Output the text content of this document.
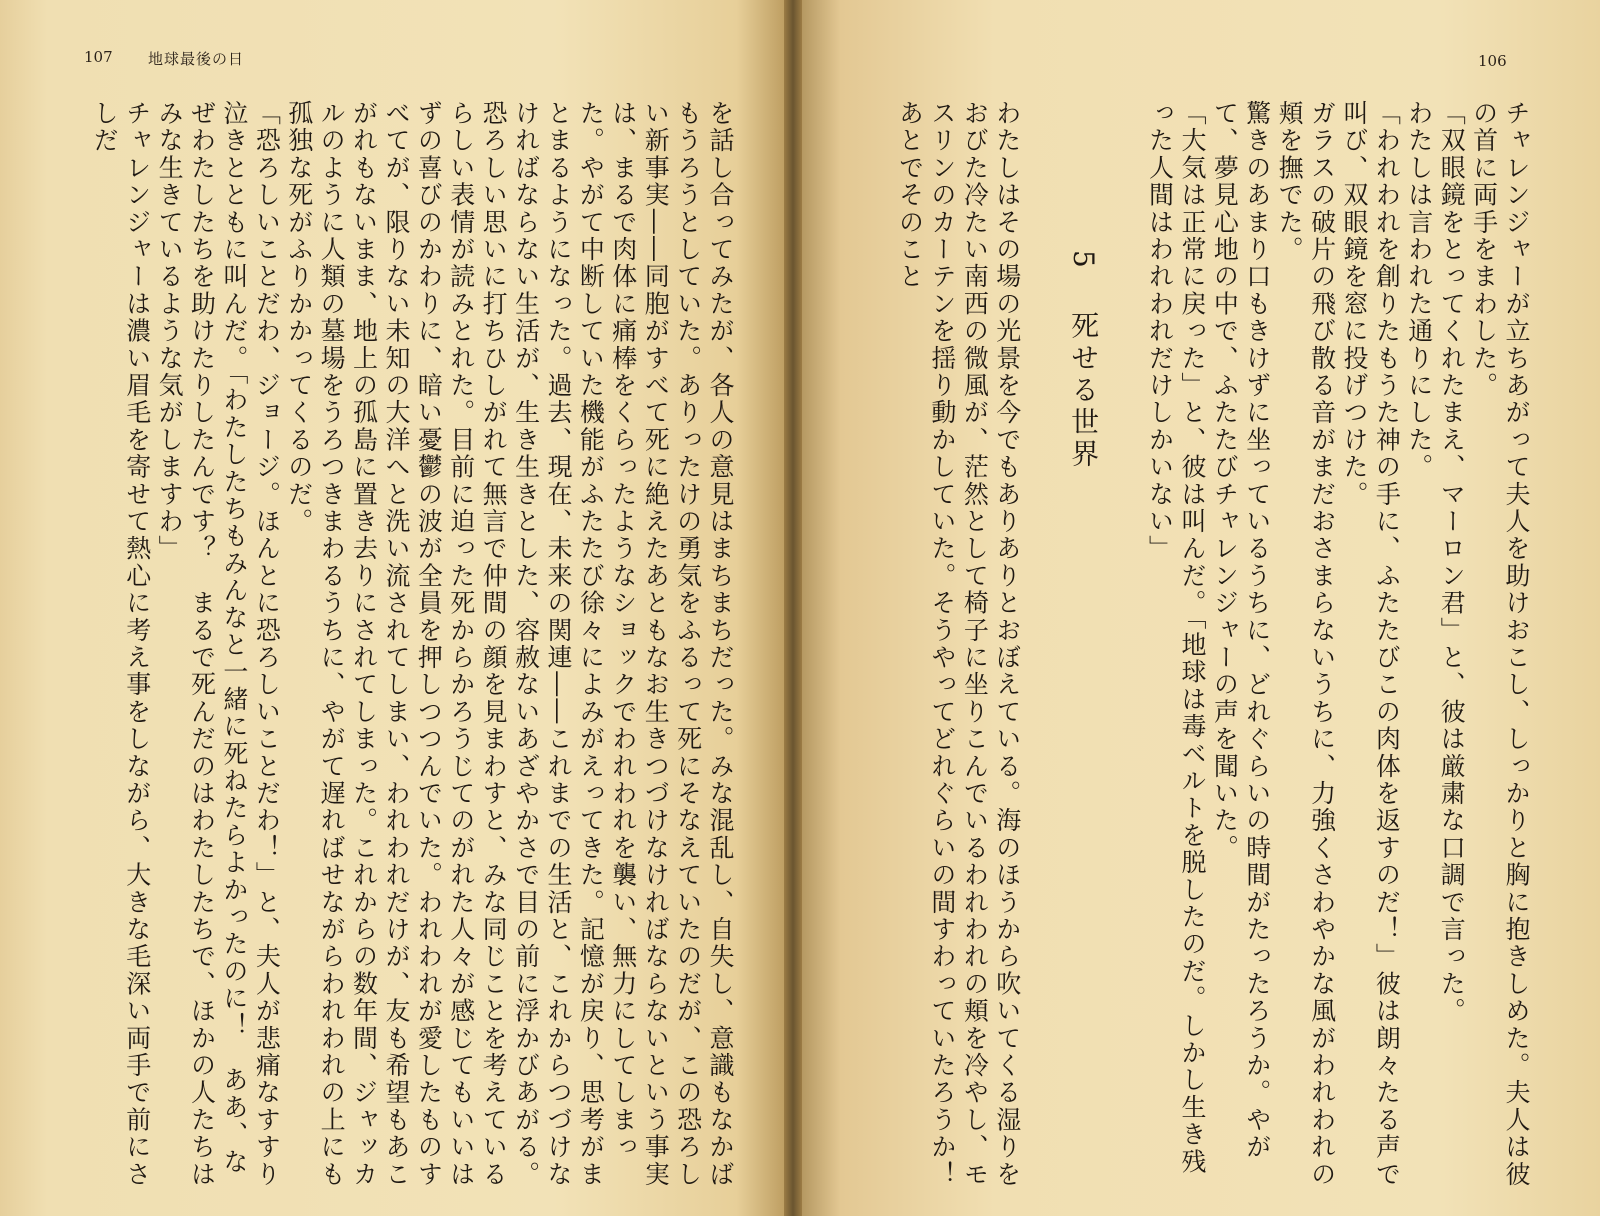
106

チャレンジャーが立ちあがって夫人を助けおこし、しっかりと胸に抱きしめた。夫人は彼の首に両手をまわした。

「双眼鏡をとってくれたまえ、マーロン君」と、彼は厳粛な口調で言った。

わたしは言われた通りにした。

「われわれを創りたもうた神の手に、ふたたびこの肉体を返すのだ！」彼は朗々たる声で叫び、双眼鏡を窓に投げつけた。

ガラスの破片の飛び散る音がまだおさまらないうちに、力強くさわやかな風がわれわれの頬を撫でた。

驚きのあまり口もきけずに坐っているうちに、どれぐらいの時間がたったろうか。やがて、夢見心地の中で、ふたたびチャレンジャーの声を聞いた。

「大気は正常に戻った」と、彼は叫んだ。「地球は毒ベルトを脱したのだ。しかし生き残った人間はわれわれだけしかいない」

5 死せる世界

わたしはその場の光景を今でもありありとおぼえている。海のほうから吹いてくる湿りをおびた冷たい南西の微風が、茫然として椅子に坐りこんでいるわれわれの頬を冷やし、モスリンのカーテンを揺り動かしていた。そうやってどれぐらいの間すわっていたろうか！　あとでそのこと

107 地球最後の日

を話し合ってみたが、各人の意見はまちまちだった。みな混乱し、自失し、意識もなかばもうろうとしていた。ありったけの勇気をふるって死にそなえていたのだが、この恐ろしい新事実――同胞がすべて死に絶えたあともなお生きつづけなければならないという事実は、まるで肉体に痛棒をくらったようなショックでわれわれを襲い、無力にしてしまった。やがて中断していた機能がふたたび徐々によみがえってきた。記憶が戻り、思考がまとまるようになった。過去、現在、未来の関連――これまでの生活と、これからつづけなければならない生活が、生き生きとした、容赦ないあざやかさで目の前に浮かびあがる。恐ろしい思いに打ちひしがれて無言で仲間の顔を見まわすと、みな同じことを考えているらしい表情が読みとれた。目前に迫った死からかろうじてのがれた人々が感じてもいいはずの喜びのかわりに、暗い憂鬱の波が全員を押しつつんでいた。われわれが愛したものすべてが、限りない未知の大洋へと洗い流されてしまい、われわれだけが、友も希望もあこがれもないまま、地上の孤島に置き去りにされてしまった。これからの数年間、ジャッカルのように人類の墓場をうろつきまわるうちに、やがて遅ればせながらわれわれの上にも孤独な死がふりかかってくるのだ。

「恐ろしいことだわ、ジョージ。ほんとに恐ろしいことだわ！」と、夫人が悲痛なすすり泣きとともに叫んだ。「わたしたちもみんなと一緒に死ねたらよかったのに！　ああ、なぜわたしたちを助けたりしたんです？　まるで死んだのはわたしたちで、ほかの人たちはみな生きているような気がしますわ」

チャレンジャーは濃い眉毛を寄せて熱心に考え事をしながら、大きな毛深い両手で前にさしだ
